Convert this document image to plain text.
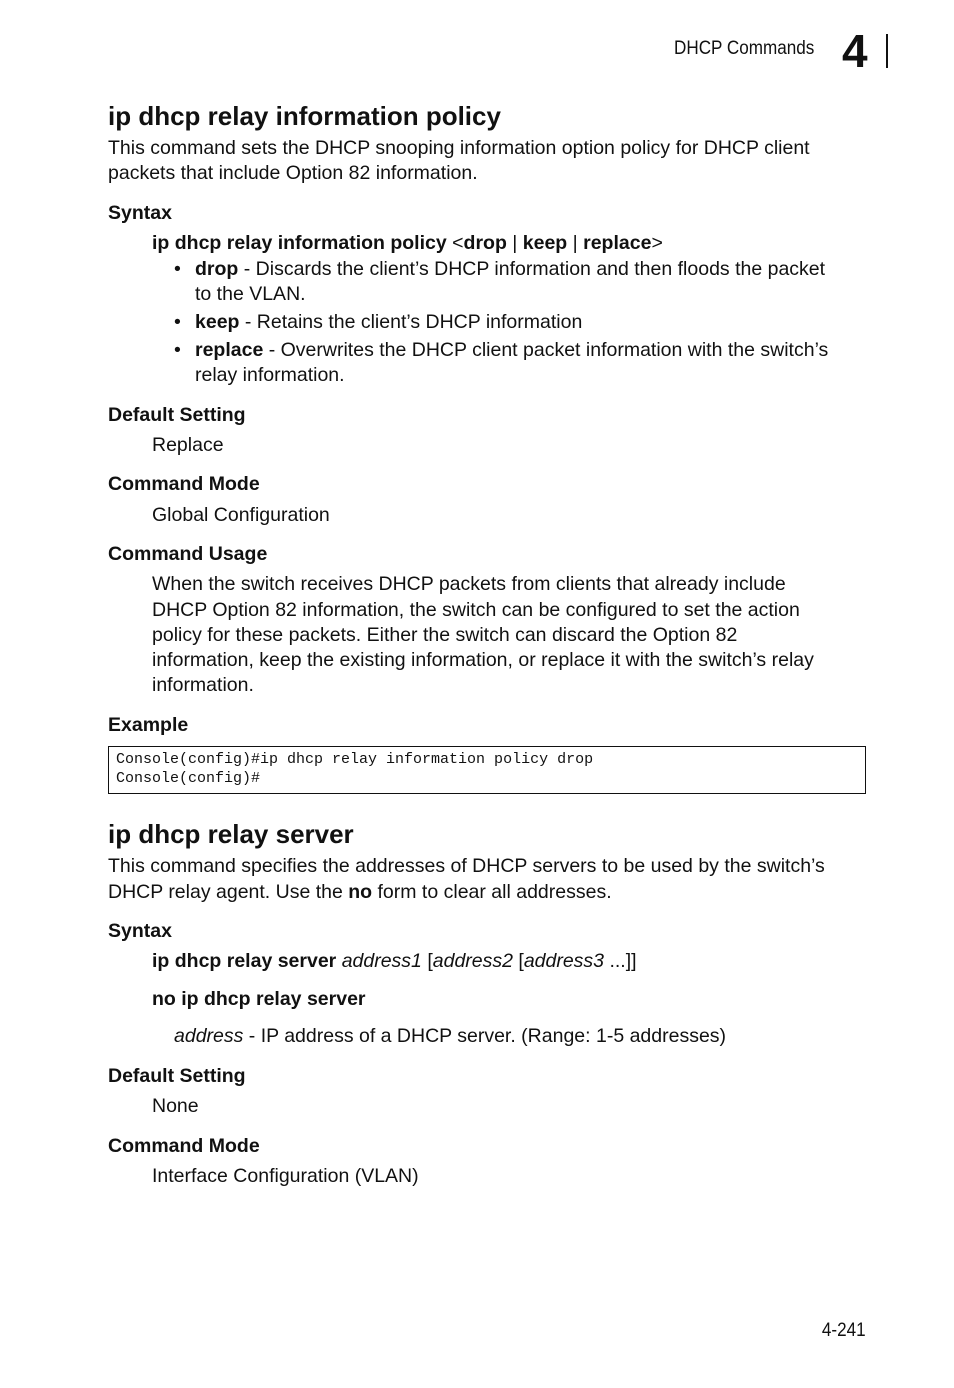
DHCP Commands 4
ip dhcp relay information policy
This command sets the DHCP snooping information option policy for DHCP client
packets that include Option 82 information.
Syntax
ip dhcp relay information policy <drop | keep | replace>
• drop - Discards the client’s DHCP information and then floods the packet
to the VLAN.
• keep - Retains the client’s DHCP information
• replace - Overwrites the DHCP client packet information with the switch’s
relay information.
Default Setting
Replace
Command Mode
Global Configuration
Command Usage
When the switch receives DHCP packets from clients that already include
DHCP Option 82 information, the switch can be configured to set the action
policy for these packets. Either the switch can discard the Option 82
information, keep the existing information, or replace it with the switch’s relay
information.
Example
Console(config)#ip dhcp relay information policy drop
Console(config)#
ip dhcp relay server
This command specifies the addresses of DHCP servers to be used by the switch’s
DHCP relay agent. Use the no form to clear all addresses.
Syntax
ip dhcp relay server address1 [address2 [address3 ...]]
no ip dhcp relay server
address - IP address of a DHCP server. (Range: 1-5 addresses)
Default Setting
None
Command Mode
Interface Configuration (VLAN)
4-241
